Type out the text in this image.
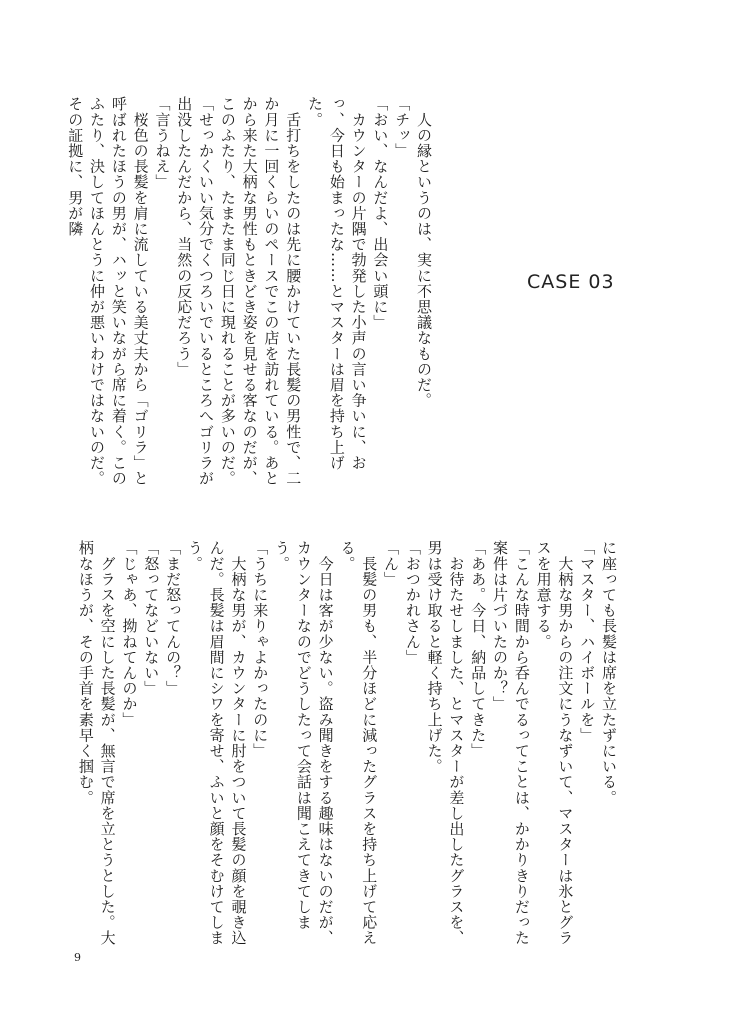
CASE 03

　人の縁というのは、実に不思議なものだ。

「チッ」

「おい、なんだよ、出会い頭に」

　カウンターの片隅で勃発した小声の言い争いに、おっ、今日も始まったな……とマスターは眉を持ち上げた。

　舌打ちをしたのは先に腰かけていた長髪の男性で、二か月に一回くらいのペースでこの店を訪れている。あとから来た大柄な男性もときどき姿を見せる客なのだが、このふたり、たまたま同じ日に現れることが多いのだ。

「せっかくいい気分でくつろいでいるところへゴリラが出没したんだから、当然の反応だろう」

「言うねえ」

　桜色の長髪を肩に流している美丈夫から「ゴリラ」と呼ばれたほうの男が、ハッと笑いながら席に着く。このふたり、決してほんとうに仲が悪いわけではないのだ。その証拠に、男が隣

に座っても長髪は席を立たずにいる。

「マスター、ハイボールを」

　大柄な男からの注文にうなずいて、マスターは氷とグラスを用意する。

「こんな時間から呑んでるってことは、かかりきりだった案件は片づいたのか？」

「ああ。今日、納品してきた」

　お待たせしました、とマスターが差し出したグラスを、男は受け取ると軽く持ち上げた。

「おつかれさん」

「ん」

　長髪の男も、半分ほどに減ったグラスを持ち上げて応える。

　今日は客が少ない。盗み聞きをする趣味はないのだが、カウンターなのでどうしたって会話は聞こえてきてしまう。

「うちに来りゃよかったのに」

　大柄な男が、カウンターに肘をついて長髪の顔を覗き込んだ。長髪は眉間にシワを寄せ、ふいと顔をそむけてしまう。

「まだ怒ってんの？」

「怒ってなどいない」

「じゃあ、拗ねてんのか」

　グラスを空にした長髪が、無言で席を立とうとした。大柄なほうが、その手首を素早く掴む。

9
